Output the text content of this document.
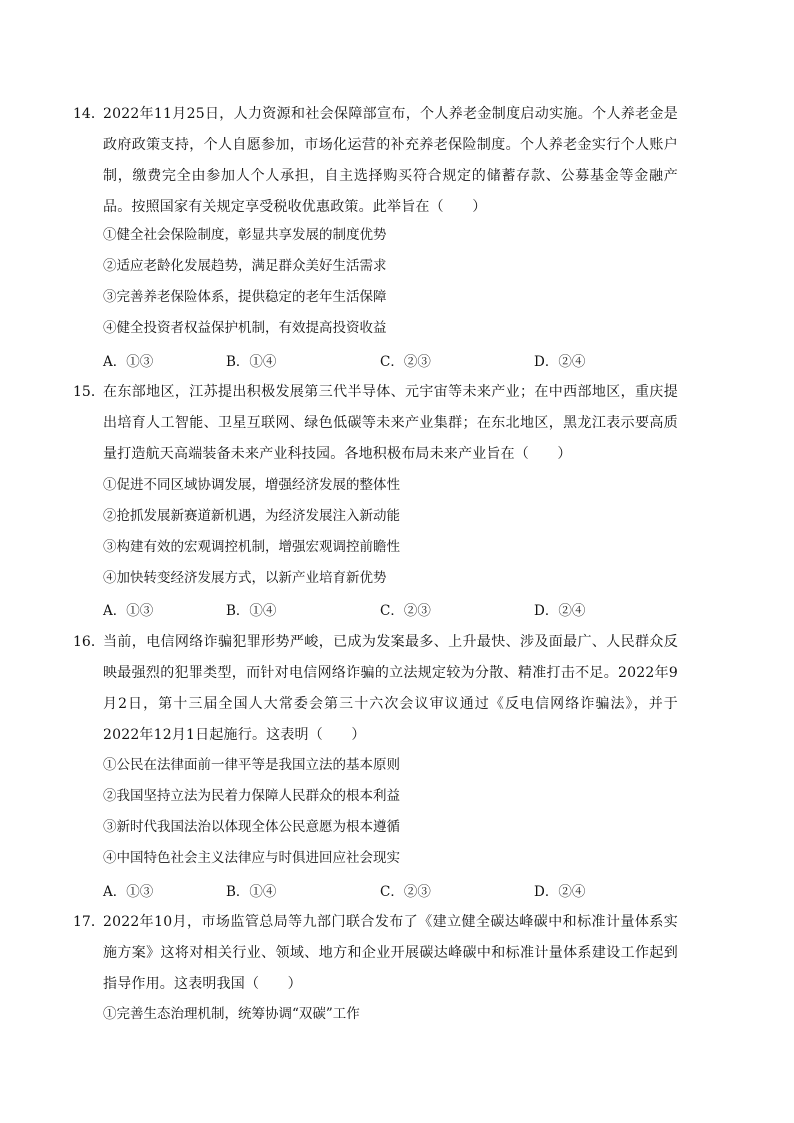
14．
2022年11月25日，人力资源和社会保障部宣布，个人养老金制度启动实施。个人养老金是政府政策支持，个人自愿参加，市场化运营的补充养老保险制度。个人养老金实行个人账户制，缴费完全由参加人个人承担，自主选择购买符合规定的储蓄存款、公募基金等金融产品。按照国家有关规定享受税收优惠政策。此举旨在（　　）
①健全社会保险制度，彰显共享发展的制度优势
②适应老龄化发展趋势，满足群众美好生活需求
③完善养老保险体系，提供稳定的老年生活保障
④健全投资者权益保护机制，有效提高投资收益
A．①③	B．①④	C．②③	D．②④
15．
在东部地区，江苏提出积极发展第三代半导体、元宇宙等未来产业；在中西部地区，重庆提出培育人工智能、卫星互联网、绿色低碳等未来产业集群；在东北地区，黑龙江表示要高质量打造航天高端装备未来产业科技园。各地积极布局未来产业旨在（　　）
①促进不同区域协调发展，增强经济发展的整体性
②抢抓发展新赛道新机遇，为经济发展注入新动能
③构建有效的宏观调控机制，增强宏观调控前瞻性
④加快转变经济发展方式，以新产业培育新优势
A．①③	B．①④	C．②③	D．②④
16．
当前，电信网络诈骗犯罪形势严峻，已成为发案最多、上升最快、涉及面最广、人民群众反映最强烈的犯罪类型，而针对电信网络诈骗的立法规定较为分散、精准打击不足。2022年9月2日，第十三届全国人大常委会第三十六次会议审议通过《反电信网络诈骗法》，并于2022年12月1日起施行。这表明（　　）
①公民在法律面前一律平等是我国立法的基本原则
②我国坚持立法为民着力保障人民群众的根本利益
③新时代我国法治以体现全体公民意愿为根本遵循
④中国特色社会主义法律应与时俱进回应社会现实
A．①③	B．①④	C．②③	D．②④
17．
2022年10月，市场监管总局等九部门联合发布了《建立健全碳达峰碳中和标准计量体系实施方案》这将对相关行业、领域、地方和企业开展碳达峰碳中和标准计量体系建设工作起到指导作用。这表明我国（　　）
①完善生态治理机制，统筹协调“双碳”工作
